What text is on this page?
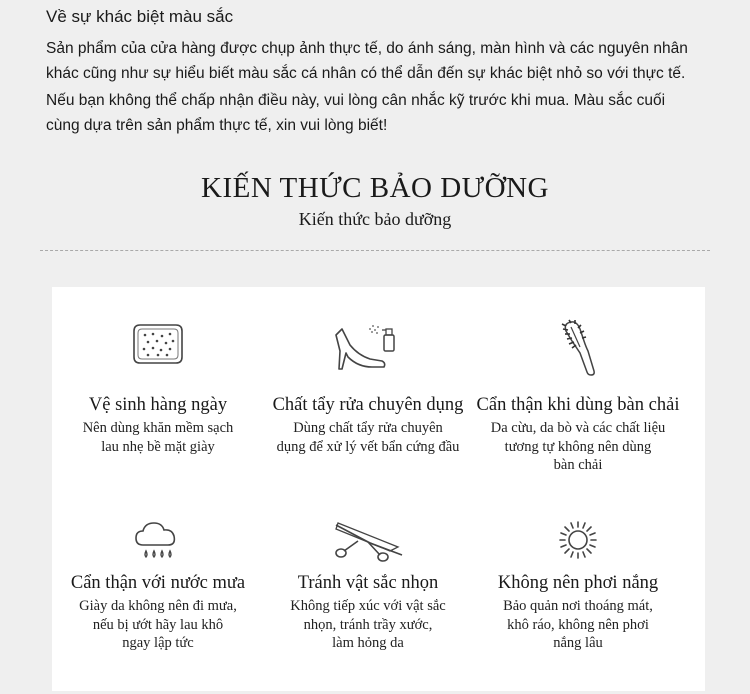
Về sự khác biệt màu sắc

Sản phẩm của cửa hàng được chụp ảnh thực tế, do ánh sáng, màn hình và các nguyên nhân
khác cũng như sự hiểu biết màu sắc cá nhân có thể dẫn đến sự khác biệt nhỏ so với thực tế.

Nếu bạn không thể chấp nhận điều này, vui lòng cân nhắc kỹ trước khi mua. Màu sắc cuối
cùng dựa trên sản phẩm thực tế, xin vui lòng biết!

KIẾN THỨC BẢO DƯỠNG
Kiến thức bảo dưỡng
Vệ sinh hàng ngày
Nên dùng khăn mềm sạch
lau nhẹ bề mặt giày
Chất tẩy rửa chuyên dụng
Dùng chất tẩy rửa chuyên
dụng để xử lý vết bẩn cứng đầu
Cẩn thận khi dùng bàn chải
Da cừu, da bò và các chất liệu
tương tự không nên dùng
bàn chải
Cẩn thận với nước mưa
Giày da không nên đi mưa,
nếu bị ướt hãy lau khô
ngay lập tức
Tránh vật sắc nhọn
Không tiếp xúc với vật sắc
nhọn, tránh trầy xước,
làm hỏng da
Không nên phơi nắng
Bảo quản nơi thoáng mát,
khô ráo, không nên phơi
nắng lâu
